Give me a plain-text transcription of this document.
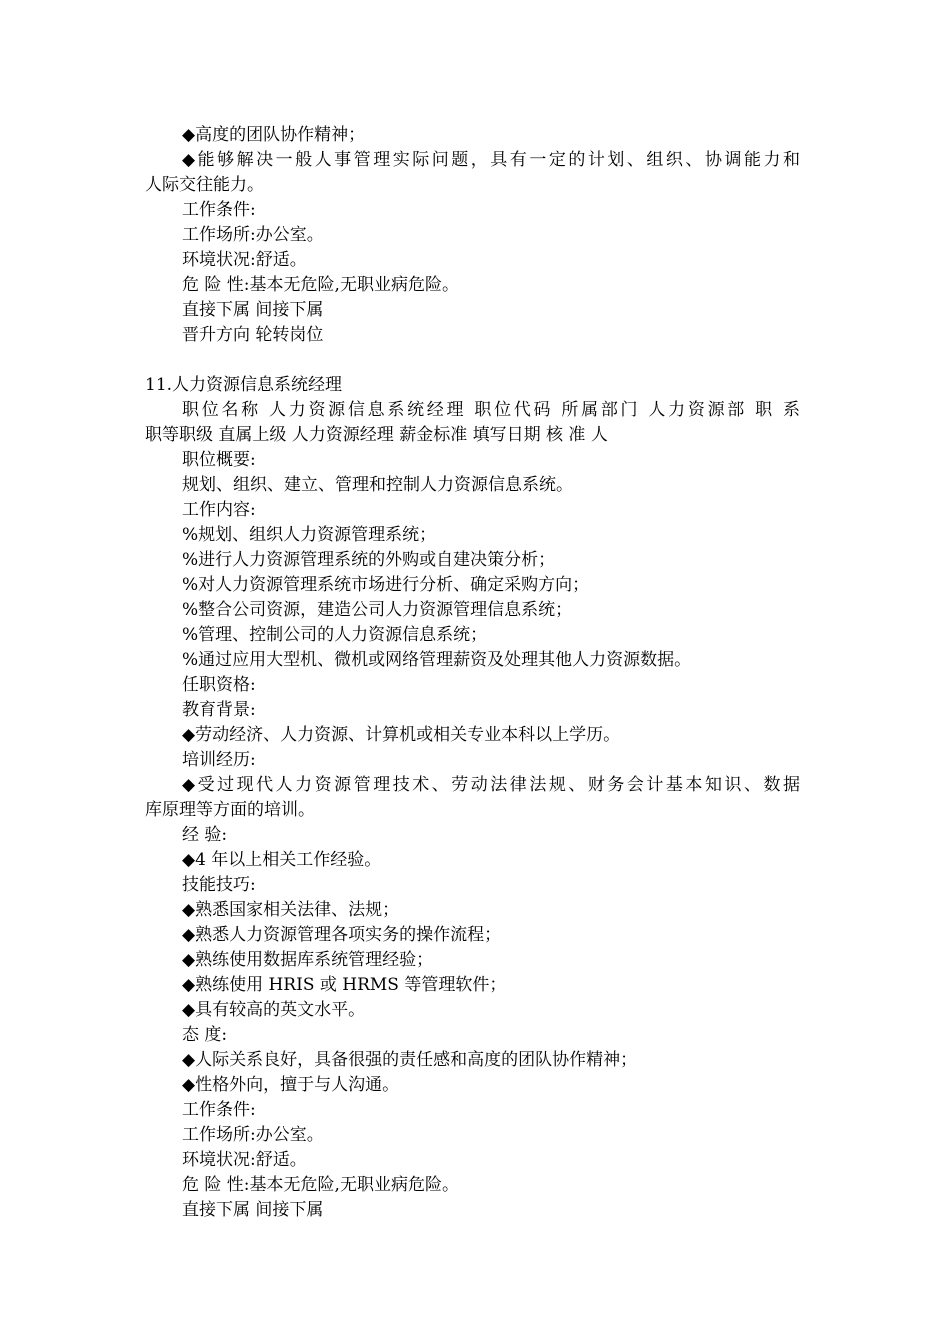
◆高度的团队协作精神；
◆能够解决一般人事管理实际问题，具有一定的计划、组织、协调能力和
人际交往能力。
工作条件:
工作场所:办公室。
环境状况:舒适。
危 险 性:基本无危险,无职业病危险。
直接下属 间接下属
晋升方向 轮转岗位
11.人力资源信息系统经理
职位名称 人力资源信息系统经理 职位代码 所属部门 人力资源部 职 系
职等职级 直属上级 人力资源经理 薪金标准 填写日期 核 准 人
职位概要:
规划、组织、建立、管理和控制人力资源信息系统。
工作内容:
%规划、组织人力资源管理系统；
%进行人力资源管理系统的外购或自建决策分析；
%对人力资源管理系统市场进行分析、确定采购方向；
%整合公司资源，建造公司人力资源管理信息系统；
%管理、控制公司的人力资源信息系统；
%通过应用大型机、微机或网络管理薪资及处理其他人力资源数据。
任职资格:
教育背景:
◆劳动经济、人力资源、计算机或相关专业本科以上学历。
培训经历:
◆受过现代人力资源管理技术、劳动法律法规、财务会计基本知识、数据
库原理等方面的培训。
经 验:
◆4 年以上相关工作经验。
技能技巧:
◆熟悉国家相关法律、法规；
◆熟悉人力资源管理各项实务的操作流程；
◆熟练使用数据库系统管理经验；
◆熟练使用 HRIS 或 HRMS 等管理软件；
◆具有较高的英文水平。
态 度:
◆人际关系良好，具备很强的责任感和高度的团队协作精神；
◆性格外向，擅于与人沟通。
工作条件:
工作场所:办公室。
环境状况:舒适。
危 险 性:基本无危险,无职业病危险。
直接下属 间接下属
